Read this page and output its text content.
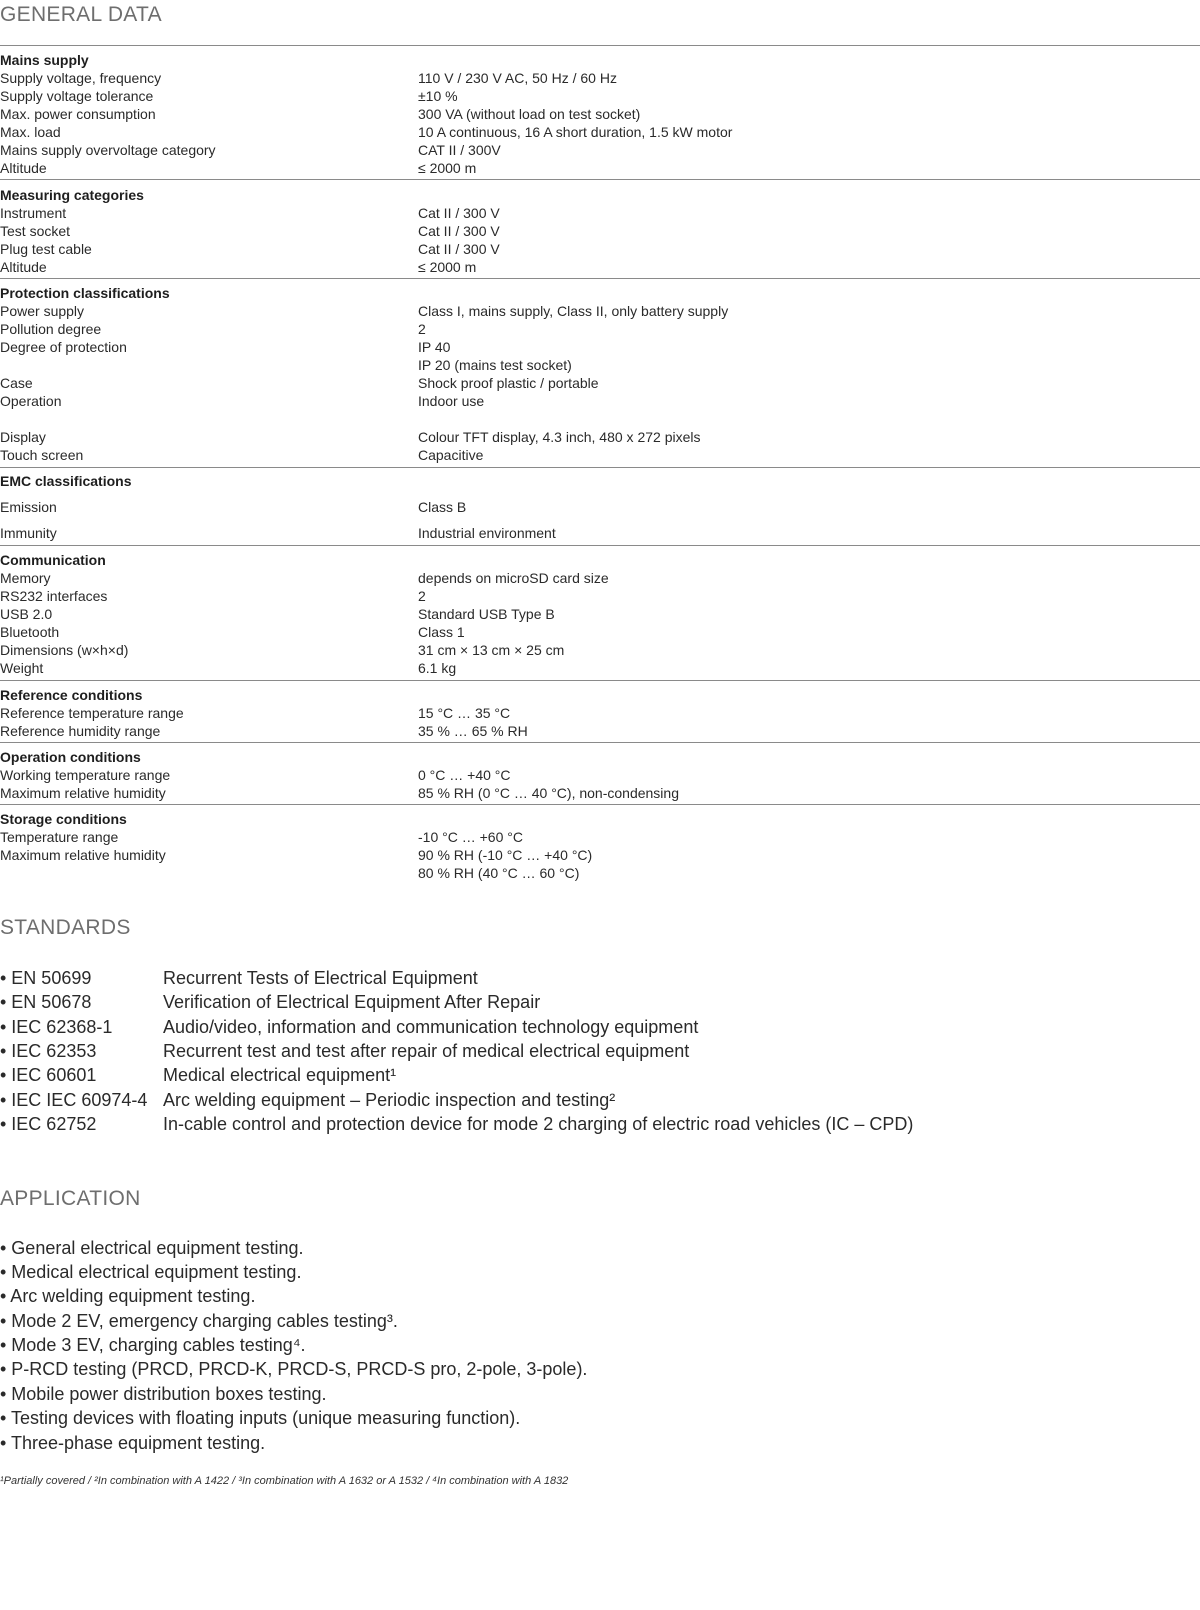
GENERAL DATA
Mains supply
Supply voltage, frequency	110 V / 230 V AC, 50 Hz / 60 Hz
Supply voltage tolerance	±10 %
Max. power consumption	300 VA (without load on test socket)
Max. load	10 A continuous, 16 A short duration, 1.5 kW motor
Mains supply overvoltage category	CAT II / 300V
Altitude	≤ 2000 m
Measuring categories
Instrument	Cat II / 300 V
Test socket	Cat II / 300 V
Plug test cable	Cat II / 300 V
Altitude	≤ 2000 m
Protection classifications
Power supply	Class I, mains supply, Class II, only battery supply
Pollution degree	2
Degree of protection	IP 40
IP 20 (mains test socket)
Case	Shock proof plastic / portable
Operation	Indoor use
Display	Colour TFT display, 4.3 inch, 480 x 272 pixels
Touch screen	Capacitive
EMC classifications
Emission	Class B
Immunity	Industrial environment
Communication
Memory	depends on microSD card size
RS232 interfaces	2
USB 2.0	Standard USB Type B
Bluetooth	Class 1
Dimensions (w×h×d)	31 cm × 13 cm × 25 cm
Weight	6.1 kg
Reference conditions
Reference temperature range	15 °C … 35 °C
Reference humidity range	35 % … 65 % RH
Operation conditions
Working temperature range	0 °C … +40 °C
Maximum relative humidity	85 % RH (0 °C … 40 °C), non-condensing
Storage conditions
Temperature range	-10 °C … +60 °C
Maximum relative humidity	90 % RH (-10 °C … +40 °C)
80 % RH (40 °C … 60 °C)
STANDARDS
• EN 50699	Recurrent Tests of Electrical Equipment
• EN 50678	Verification of Electrical Equipment After Repair
• IEC 62368-1	Audio/video, information and communication technology equipment
• IEC 62353	Recurrent test and test after repair of medical electrical equipment
• IEC 60601	Medical electrical equipment¹
• IEC IEC 60974-4 Arc welding equipment – Periodic inspection and testing²
• IEC 62752	In-cable control and protection device for mode 2 charging of electric road vehicles (IC – CPD)
APPLICATION
• General electrical equipment testing.
• Medical electrical equipment testing.
• Arc welding equipment testing.
• Mode 2 EV, emergency charging cables testing³.
• Mode 3 EV, charging cables testing⁴.
• P-RCD testing (PRCD, PRCD-K, PRCD-S, PRCD-S pro, 2-pole, 3-pole).
• Mobile power distribution boxes testing.
• Testing devices with floating inputs (unique measuring function).
• Three-phase equipment testing.
¹Partially covered / ²In combination with A 1422 / ³In combination with A 1632 or A 1532 / ⁴In combination with A 1832
